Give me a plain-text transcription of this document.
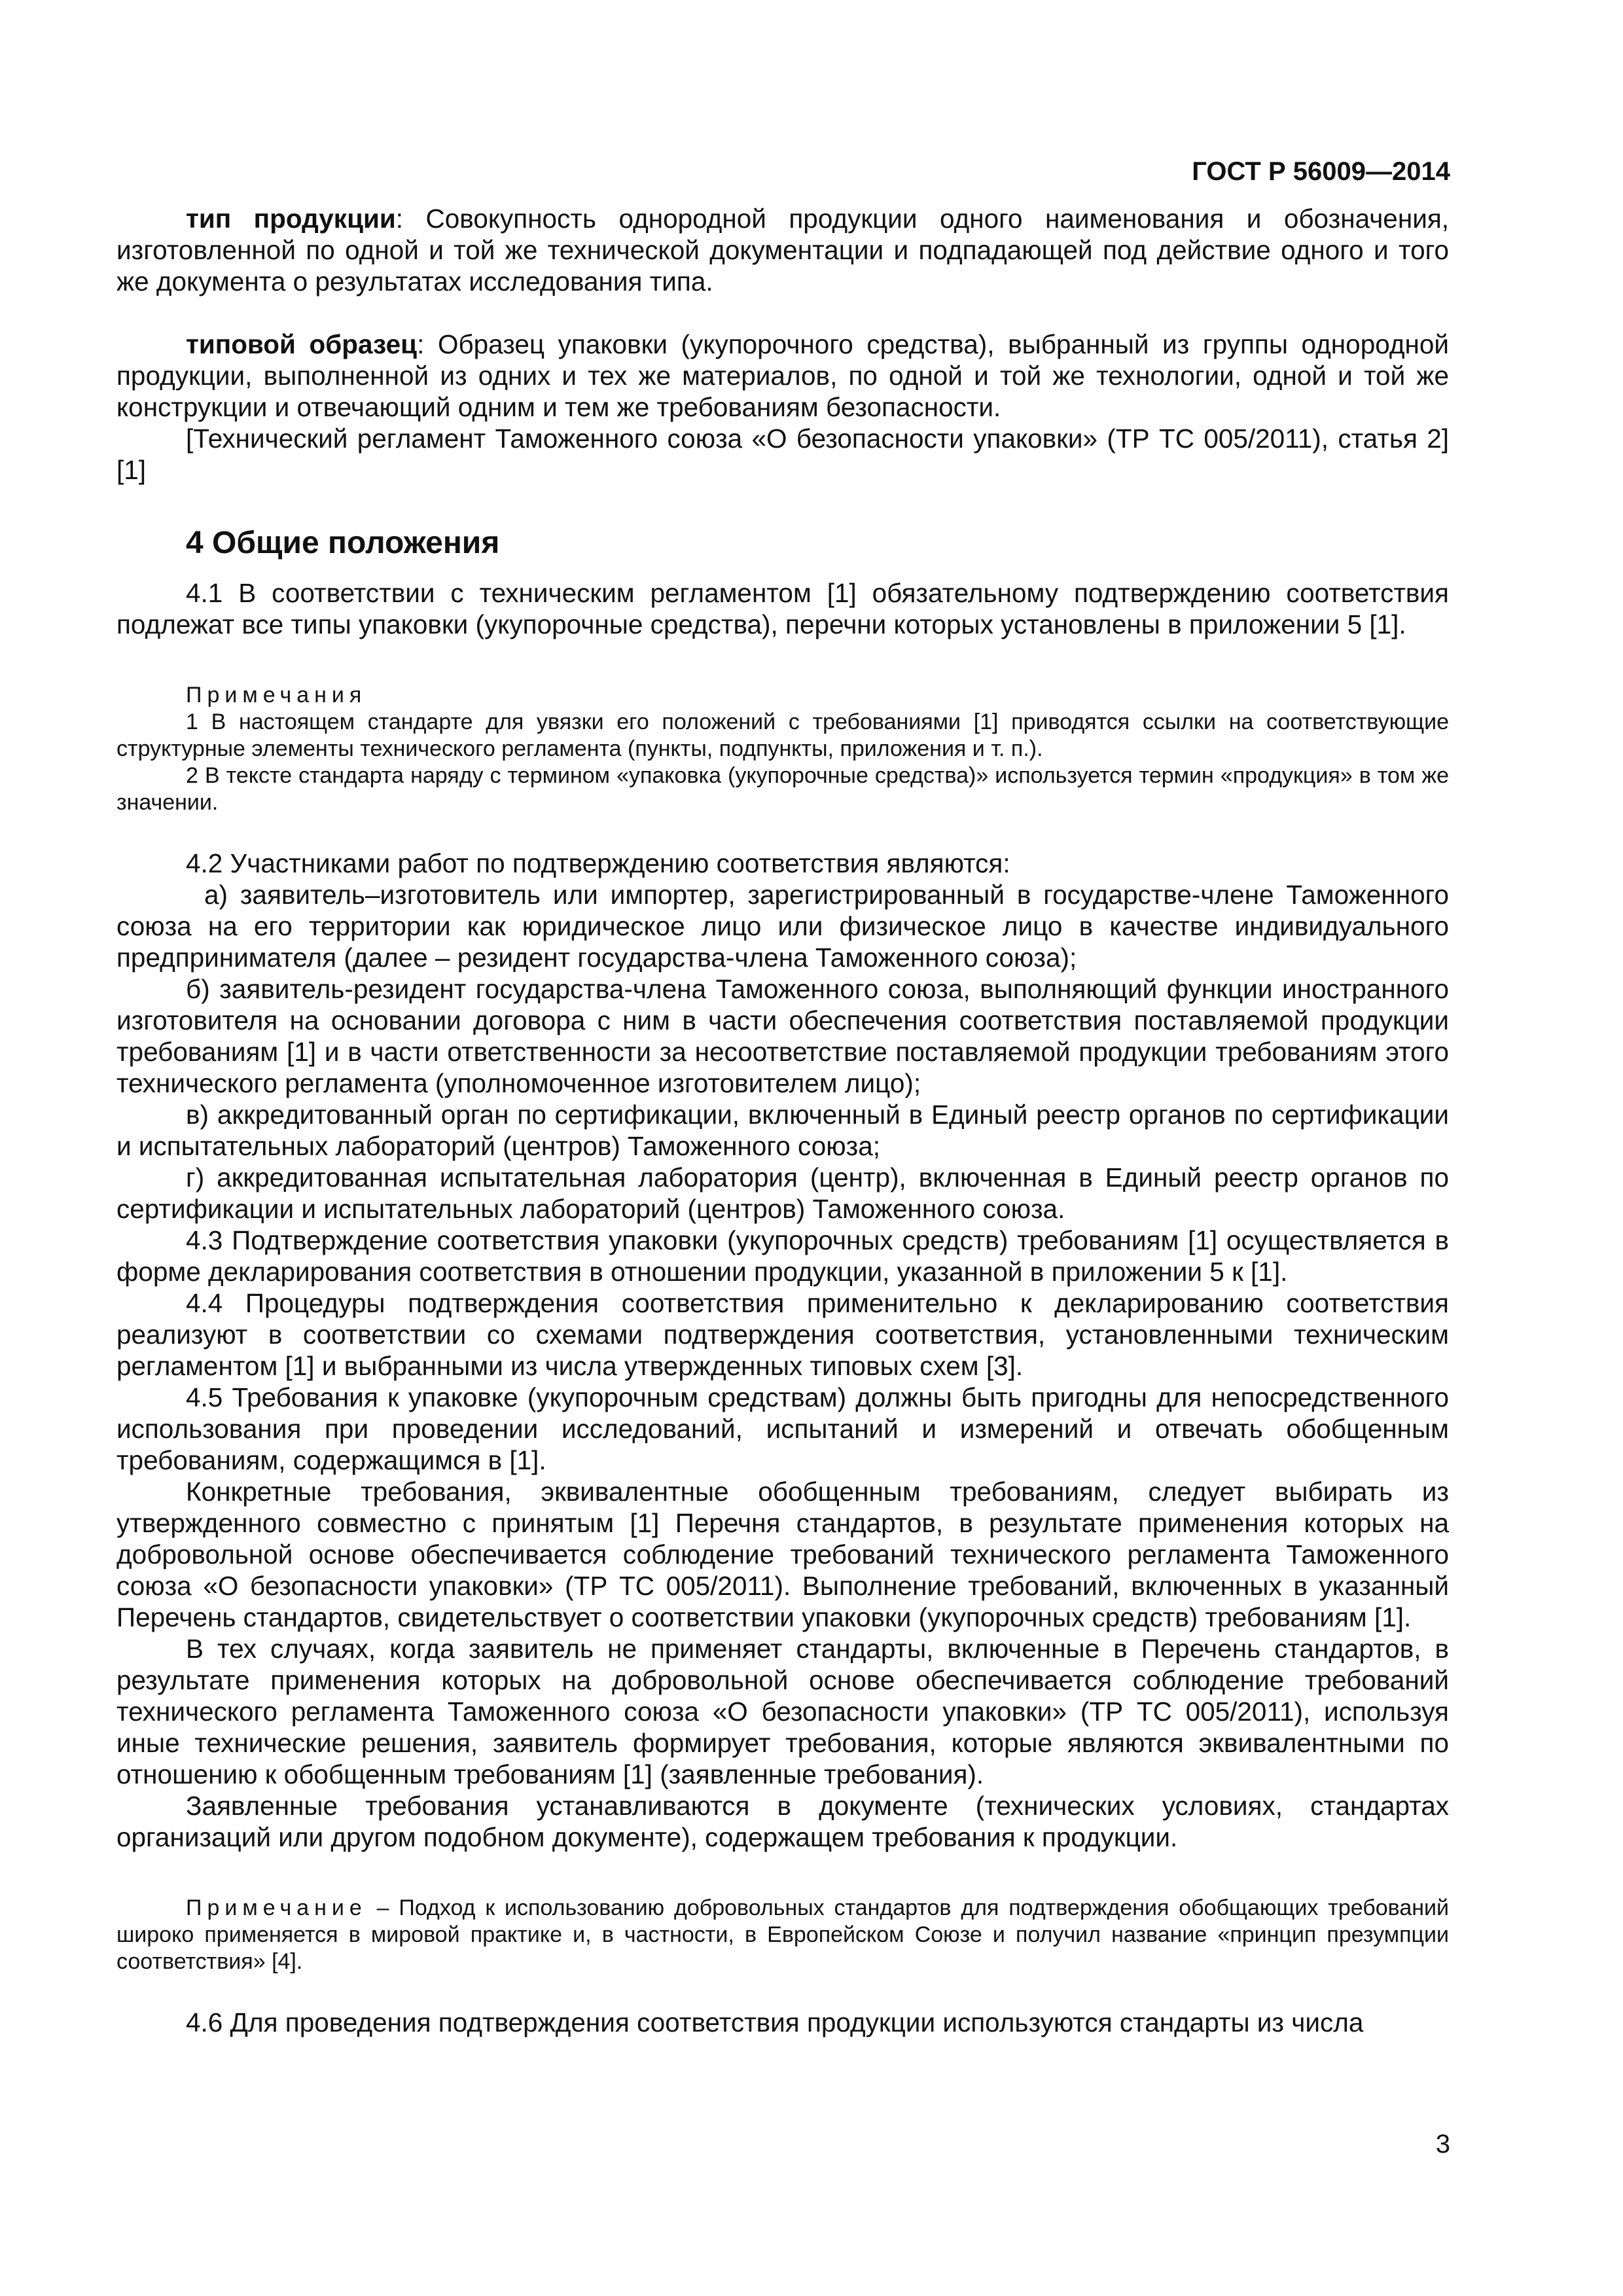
ГОСТ Р 56009—2014

тип продукции: Совокупность однородной продукции одного наименования и обозначения, изготовленной по одной и той же технической документации и подпадающей под действие одного и того же документа о результатах исследования типа.

типовой образец: Образец упаковки (укупорочного средства), выбранный из группы однородной продукции, выполненной из одних и тех же материалов, по одной и той же технологии, одной и той же конструкции и отвечающий одним и тем же требованиям безопасности.

[Технический регламент Таможенного союза «О безопасности упаковки» (ТР ТС 005/2011), статья 2] [1]

4 Общие положения

4.1 В соответствии с техническим регламентом [1] обязательному подтверждению соответствия подлежат все типы упаковки (укупорочные средства), перечни которых установлены в приложении 5 [1].

Примечания

1 В настоящем стандарте для увязки его положений с требованиями [1] приводятся ссылки на соответствующие структурные элементы технического регламента (пункты, подпункты, приложения и т. п.).

2 В тексте стандарта наряду с термином «упаковка (укупорочные средства)» используется термин «продукция» в том же значении.

4.2 Участниками работ по подтверждению соответствия являются:

а) заявитель–изготовитель или импортер, зарегистрированный в государстве-члене Таможенного союза на его территории как юридическое лицо или физическое лицо в качестве индивидуального предпринимателя (далее – резидент государства-члена Таможенного союза);

б) заявитель-резидент государства-члена Таможенного союза, выполняющий функции иностранного изготовителя на основании договора с ним в части обеспечения соответствия поставляемой продукции требованиям [1] и в части ответственности за несоответствие поставляемой продукции требованиям этого технического регламента (уполномоченное изготовителем лицо);

в) аккредитованный орган по сертификации, включенный в Единый реестр органов по сертификации и испытательных лабораторий (центров) Таможенного союза;

г) аккредитованная испытательная лаборатория (центр), включенная в Единый реестр органов по сертификации и испытательных лабораторий (центров) Таможенного союза.

4.3 Подтверждение соответствия упаковки (укупорочных средств) требованиям [1] осуществляется в форме декларирования соответствия в отношении продукции, указанной в приложении 5 к [1].

4.4 Процедуры подтверждения соответствия применительно к декларированию соответствия реализуют в соответствии со схемами подтверждения соответствия, установленными техническим регламентом [1] и выбранными из числа утвержденных типовых схем [3].

4.5 Требования к упаковке (укупорочным средствам) должны быть пригодны для непосредственного использования при проведении исследований, испытаний и измерений и отвечать обобщенным требованиям, содержащимся в [1].

Конкретные требования, эквивалентные обобщенным требованиям, следует выбирать из утвержденного совместно с принятым [1] Перечня стандартов, в результате применения которых на добровольной основе обеспечивается соблюдение требований технического регламента Таможенного союза «О безопасности упаковки» (ТР ТС 005/2011). Выполнение требований, включенных в указанный Перечень стандартов, свидетельствует о соответствии упаковки (укупорочных средств) требованиям [1].

В тех случаях, когда заявитель не применяет стандарты, включенные в Перечень стандартов, в результате применения которых на добровольной основе обеспечивается соблюдение требований технического регламента Таможенного союза «О безопасности упаковки» (ТР ТС 005/2011), используя иные технические решения, заявитель формирует требования, которые являются эквивалентными по отношению к обобщенным требованиям [1] (заявленные требования).

Заявленные требования устанавливаются в документе (технических условиях, стандартах организаций или другом подобном документе), содержащем требования к продукции.

Примечание – Подход к использованию добровольных стандартов для подтверждения обобщающих требований широко применяется в мировой практике и, в частности, в Европейском Союзе и получил название «принцип презумпции соответствия» [4].

4.6 Для проведения подтверждения соответствия продукции используются стандарты из числа

3
